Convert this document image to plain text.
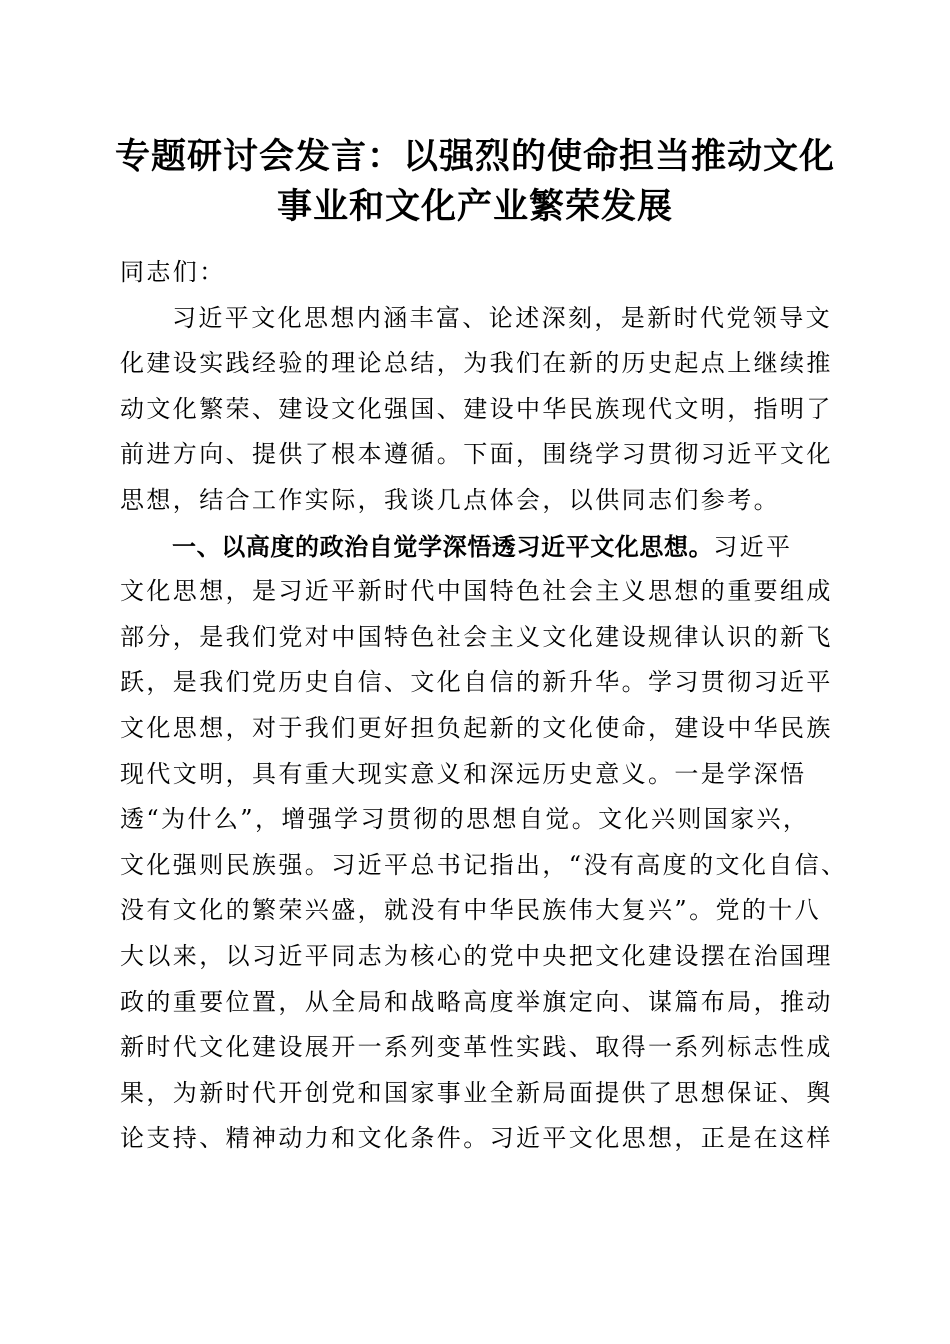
专题研讨会发言：以强烈的使命担当推动文化
事业和文化产业繁荣发展
同志们：
习近平文化思想内涵丰富、论述深刻，是新时代党领导文
化建设实践经验的理论总结，为我们在新的历史起点上继续推
动文化繁荣、建设文化强国、建设中华民族现代文明，指明了
前进方向、提供了根本遵循。下面，围绕学习贯彻习近平文化
思想，结合工作实际，我谈几点体会，以供同志们参考。
一、以高度的政治自觉学深悟透习近平文化思想。习近平
文化思想，是习近平新时代中国特色社会主义思想的重要组成
部分，是我们党对中国特色社会主义文化建设规律认识的新飞
跃，是我们党历史自信、文化自信的新升华。学习贯彻习近平
文化思想，对于我们更好担负起新的文化使命，建设中华民族
现代文明，具有重大现实意义和深远历史意义。一是学深悟
透“为什么”，增强学习贯彻的思想自觉。文化兴则国家兴，
文化强则民族强。习近平总书记指出，“没有高度的文化自信、
没有文化的繁荣兴盛，就没有中华民族伟大复兴”。党的十八
大以来，以习近平同志为核心的党中央把文化建设摆在治国理
政的重要位置，从全局和战略高度举旗定向、谋篇布局，推动
新时代文化建设展开一系列变革性实践、取得一系列标志性成
果，为新时代开创党和国家事业全新局面提供了思想保证、舆
论支持、精神动力和文化条件。习近平文化思想，正是在这样
